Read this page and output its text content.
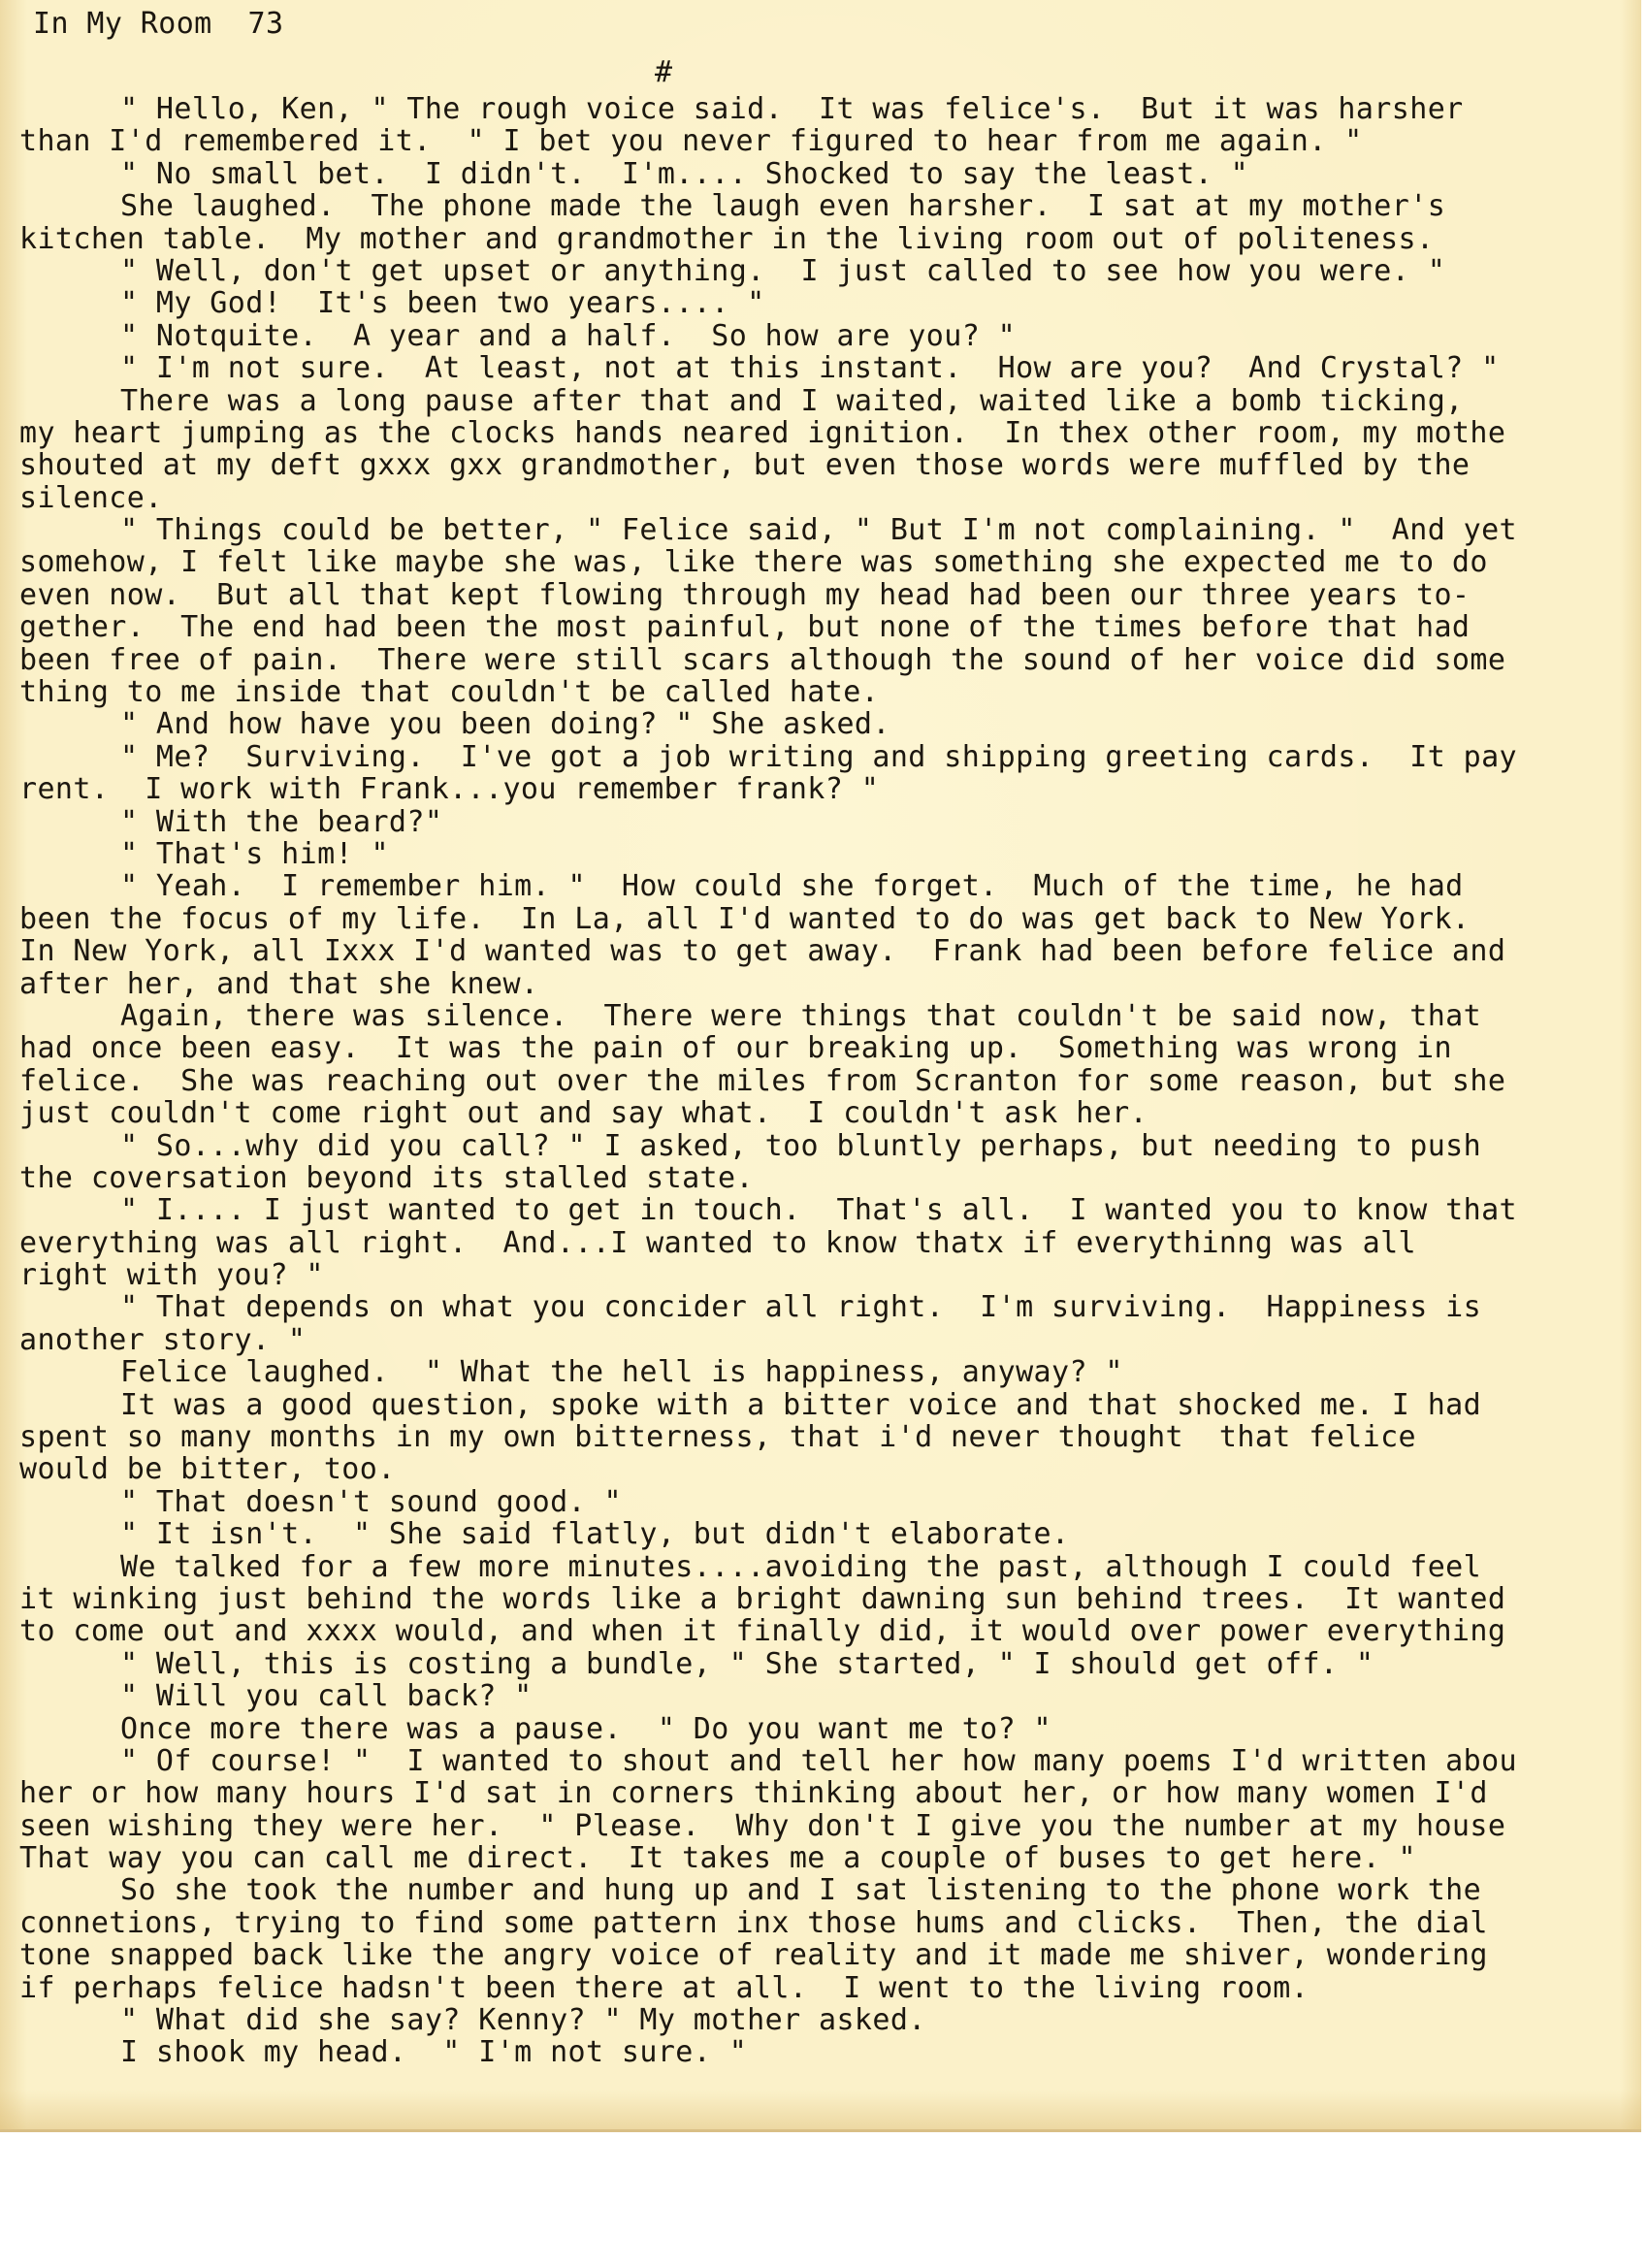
In My Room  73
#
" Hello, Ken, " The rough voice said.  It was felice's.  But it was harsher
than I'd remembered it.  " I bet you never figured to hear from me again. "
" No small bet.  I didn't.  I'm.... Shocked to say the least. "
She laughed.  The phone made the laugh even harsher.  I sat at my mother's
kitchen table.  My mother and grandmother in the living room out of politeness.
" Well, don't get upset or anything.  I just called to see how you were. "
" My God!  It's been two years.... "
" Notquite.  A year and a half.  So how are you? "
" I'm not sure.  At least, not at this instant.  How are you?  And Crystal? "
There was a long pause after that and I waited, waited like a bomb ticking,
my heart jumping as the clocks hands neared ignition.  In thex other room, my mothe
shouted at my deft gxxx gxx grandmother, but even those words were muffled by the
silence.
" Things could be better, " Felice said, " But I'm not complaining. "  And yet
somehow, I felt like maybe she was, like there was something she expected me to do
even now.  But all that kept flowing through my head had been our three years to-
gether.  The end had been the most painful, but none of the times before that had
been free of pain.  There were still scars although the sound of her voice did some
thing to me inside that couldn't be called hate.
" And how have you been doing? " She asked.
" Me?  Surviving.  I've got a job writing and shipping greeting cards.  It pay
rent.  I work with Frank...you remember frank? "
" With the beard?"
" That's him! "
" Yeah.  I remember him. "  How could she forget.  Much of the time, he had
been the focus of my life.  In La, all I'd wanted to do was get back to New York.
In New York, all Ixxx I'd wanted was to get away.  Frank had been before felice and
after her, and that she knew.
Again, there was silence.  There were things that couldn't be said now, that
had once been easy.  It was the pain of our breaking up.  Something was wrong in
felice.  She was reaching out over the miles from Scranton for some reason, but she
just couldn't come right out and say what.  I couldn't ask her.
" So...why did you call? " I asked, too bluntly perhaps, but needing to push
the coversation beyond its stalled state.
" I.... I just wanted to get in touch.  That's all.  I wanted you to know that
everything was all right.  And...I wanted to know thatx if everythinng was all
right with you? "
" That depends on what you concider all right.  I'm surviving.  Happiness is
another story. "
Felice laughed.  " What the hell is happiness, anyway? "
It was a good question, spoke with a bitter voice and that shocked me. I had
spent so many months in my own bitterness, that i'd never thought  that felice
would be bitter, too.
" That doesn't sound good. "
" It isn't.  " She said flatly, but didn't elaborate.
We talked for a few more minutes....avoiding the past, although I could feel
it winking just behind the words like a bright dawning sun behind trees.  It wanted
to come out and xxxx would, and when it finally did, it would over power everything
" Well, this is costing a bundle, " She started, " I should get off. "
" Will you call back? "
Once more there was a pause.  " Do you want me to? "
" Of course! "  I wanted to shout and tell her how many poems I'd written abou
her or how many hours I'd sat in corners thinking about her, or how many women I'd
seen wishing they were her.  " Please.  Why don't I give you the number at my house
That way you can call me direct.  It takes me a couple of buses to get here. "
So she took the number and hung up and I sat listening to the phone work the
connetions, trying to find some pattern inx those hums and clicks.  Then, the dial
tone snapped back like the angry voice of reality and it made me shiver, wondering
if perhaps felice hadsn't been there at all.  I went to the living room.
" What did she say? Kenny? " My mother asked.
I shook my head.  " I'm not sure. "
